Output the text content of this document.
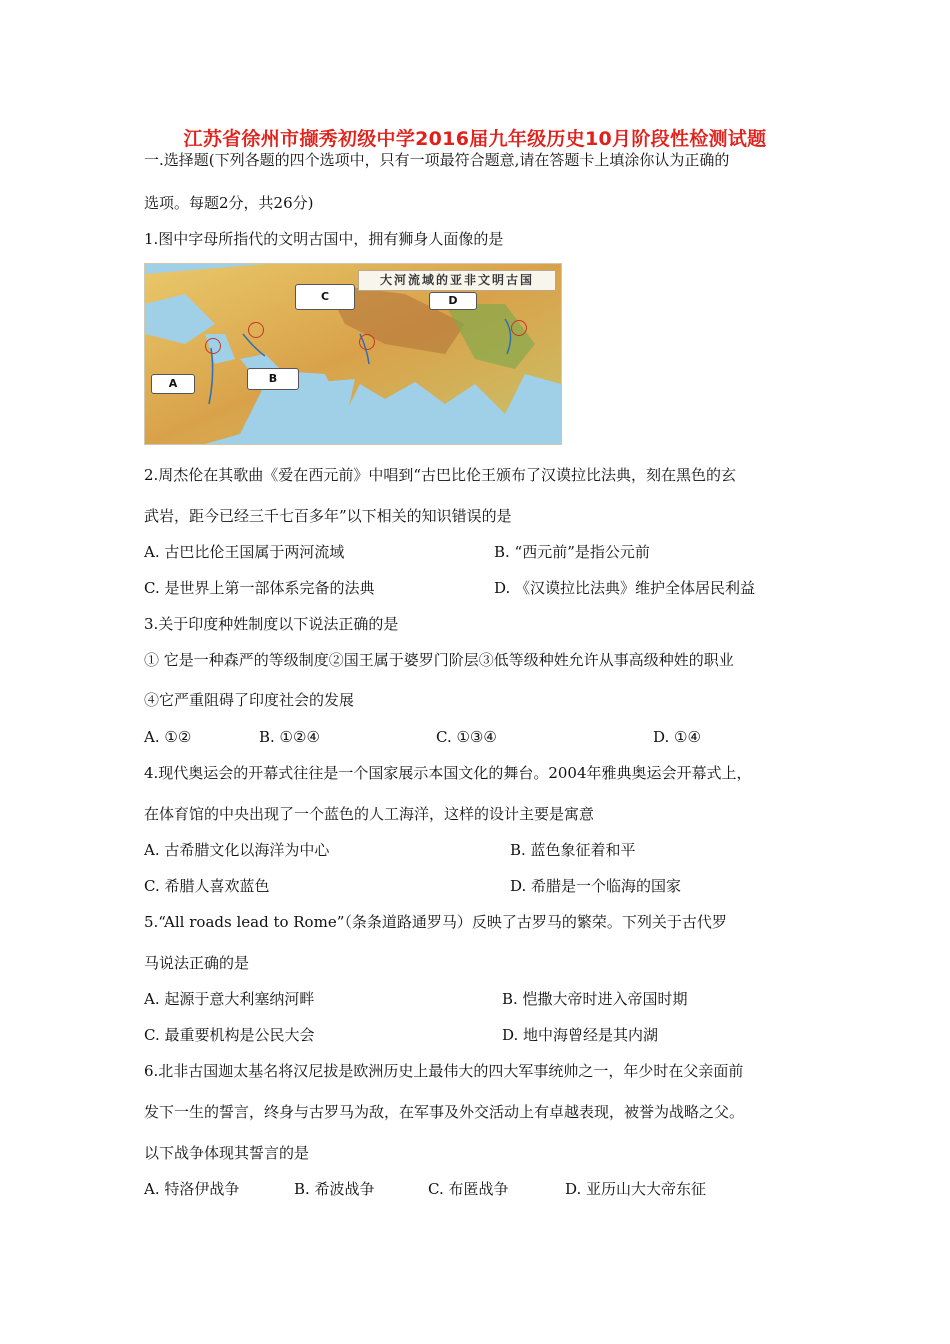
江苏省徐州市撷秀初级中学2016届九年级历史10月阶段性检测试题
一.选择题(下列各题的四个选项中，只有一项最符合题意,请在答题卡上填涂你认为正确的
选项。每题2分，共26分)
1.图中字母所指代的文明古国中，拥有狮身人面像的是
大河流域的亚非文明古国
A	B
C	D
2.周杰伦在其歌曲《爱在西元前》中唱到“古巴比伦王颁布了汉谟拉比法典，刻在黑色的玄
武岩，距今已经三千七百多年”以下相关的知识错误的是
A. 古巴比伦王国属于两河流域	B. “西元前”是指公元前
C. 是世界上第一部体系完备的法典	D. 《汉谟拉比法典》维护全体居民利益
3.关于印度种姓制度以下说法正确的是
① 它是一种森严的等级制度②国王属于婆罗门阶层③低等级种姓允许从事高级种姓的职业
④它严重阻碍了印度社会的发展
A. ①②	B. ①②④	C. ①③④	D. ①④
4.现代奥运会的开幕式往往是一个国家展示本国文化的舞台。2004年雅典奥运会开幕式上，
在体育馆的中央出现了一个蓝色的人工海洋，这样的设计主要是寓意
A. 古希腊文化以海洋为中心	B. 蓝色象征着和平
C. 希腊人喜欢蓝色	D. 希腊是一个临海的国家
5.“All roads lead to Rome”（条条道路通罗马）反映了古罗马的繁荣。下列关于古代罗
马说法正确的是
A. 起源于意大利塞纳河畔	B. 恺撒大帝时进入帝国时期
C. 最重要机构是公民大会	D. 地中海曾经是其内湖
6.北非古国迦太基名将汉尼拔是欧洲历史上最伟大的四大军事统帅之一，年少时在父亲面前
发下一生的誓言，终身与古罗马为敌，在军事及外交活动上有卓越表现，被誉为战略之父。
以下战争体现其誓言的是
A. 特洛伊战争	B. 希波战争	C. 布匿战争	D. 亚历山大大帝东征
